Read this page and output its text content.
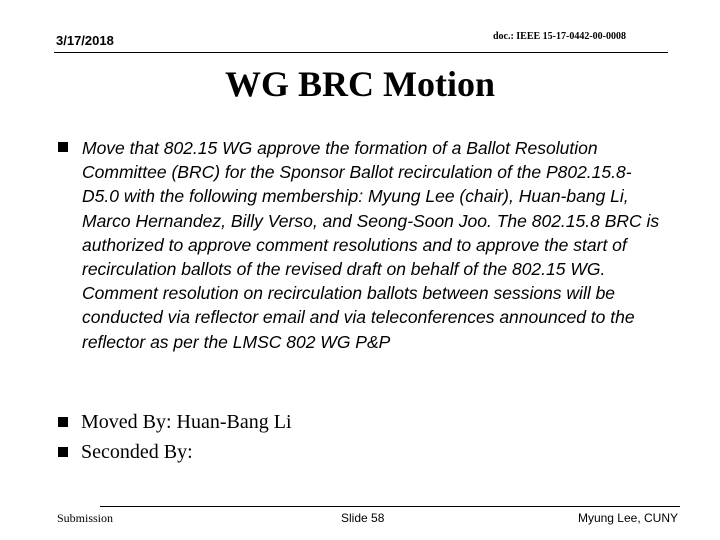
3/17/2018	doc.: IEEE 15-17-0442-00-0008
WG BRC Motion
Move that 802.15 WG approve the formation of a Ballot Resolution Committee (BRC) for the Sponsor Ballot recirculation of the P802.15.8-D5.0 with the following membership: Myung Lee (chair), Huan-bang Li, Marco Hernandez, Billy Verso, and Seong-Soon Joo. The 802.15.8 BRC is authorized to approve comment resolutions and to approve the start of recirculation ballots of the revised draft on behalf of the 802.15 WG. Comment resolution on recirculation ballots between sessions will be conducted via reflector email and via teleconferences announced to the reflector as per the LMSC 802 WG P&P
Moved By: Huan-Bang Li
Seconded By:
Submission	Slide 58	Myung Lee, CUNY
